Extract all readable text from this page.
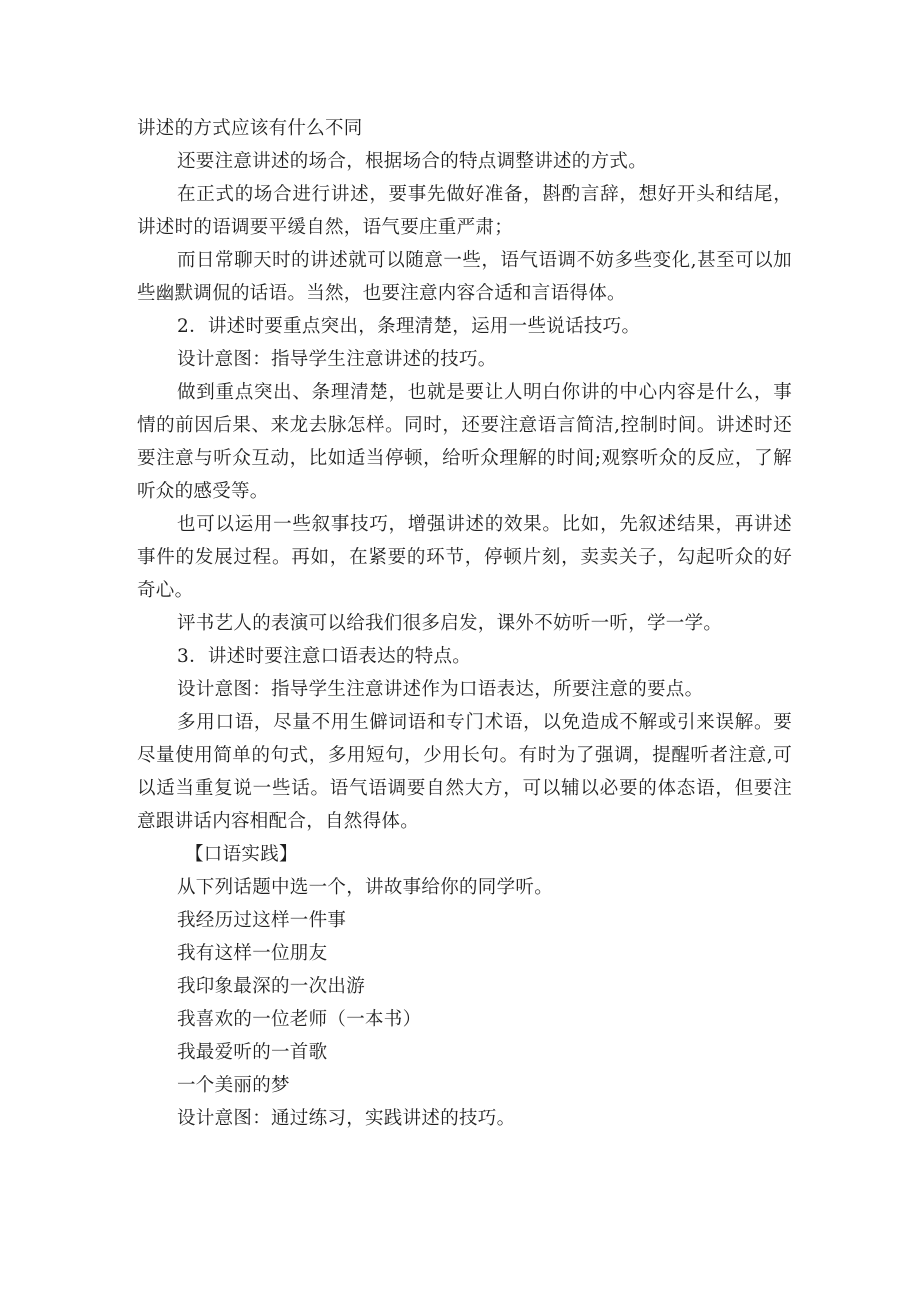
讲述的方式应该有什么不同

还要注意讲述的场合，根据场合的特点调整讲述的方式。

在正式的场合进行讲述，要事先做好准备，斟酌言辞，想好开头和结尾，讲述时的语调要平缓自然，语气要庄重严肃；

而日常聊天时的讲述就可以随意一些，语气语调不妨多些变化,甚至可以加些幽默调侃的话语。当然，也要注意内容合适和言语得体。

2．讲述时要重点突出，条理清楚，运用一些说话技巧。

设计意图：指导学生注意讲述的技巧。

做到重点突出、条理清楚，也就是要让人明白你讲的中心内容是什么，事情的前因后果、来龙去脉怎样。同时，还要注意语言简洁,控制时间。讲述时还要注意与听众互动，比如适当停顿，给听众理解的时间;观察听众的反应，了解听众的感受等。

也可以运用一些叙事技巧，增强讲述的效果。比如，先叙述结果，再讲述事件的发展过程。再如，在紧要的环节，停顿片刻，卖卖关子，勾起听众的好奇心。

评书艺人的表演可以给我们很多启发，课外不妨听一听，学一学。

3．讲述时要注意口语表达的特点。

设计意图：指导学生注意讲述作为口语表达，所要注意的要点。

多用口语，尽量不用生僻词语和专门术语，以免造成不解或引来误解。要尽量使用简单的句式，多用短句，少用长句。有时为了强调，提醒听者注意,可以适当重复说一些话。语气语调要自然大方，可以辅以必要的体态语，但要注意跟讲话内容相配合，自然得体。

【口语实践】

从下列话题中选一个，讲故事给你的同学听。

我经历过这样一件事

我有这样一位朋友

我印象最深的一次出游

我喜欢的一位老师（一本书）

我最爱听的一首歌

一个美丽的梦

设计意图：通过练习，实践讲述的技巧。
